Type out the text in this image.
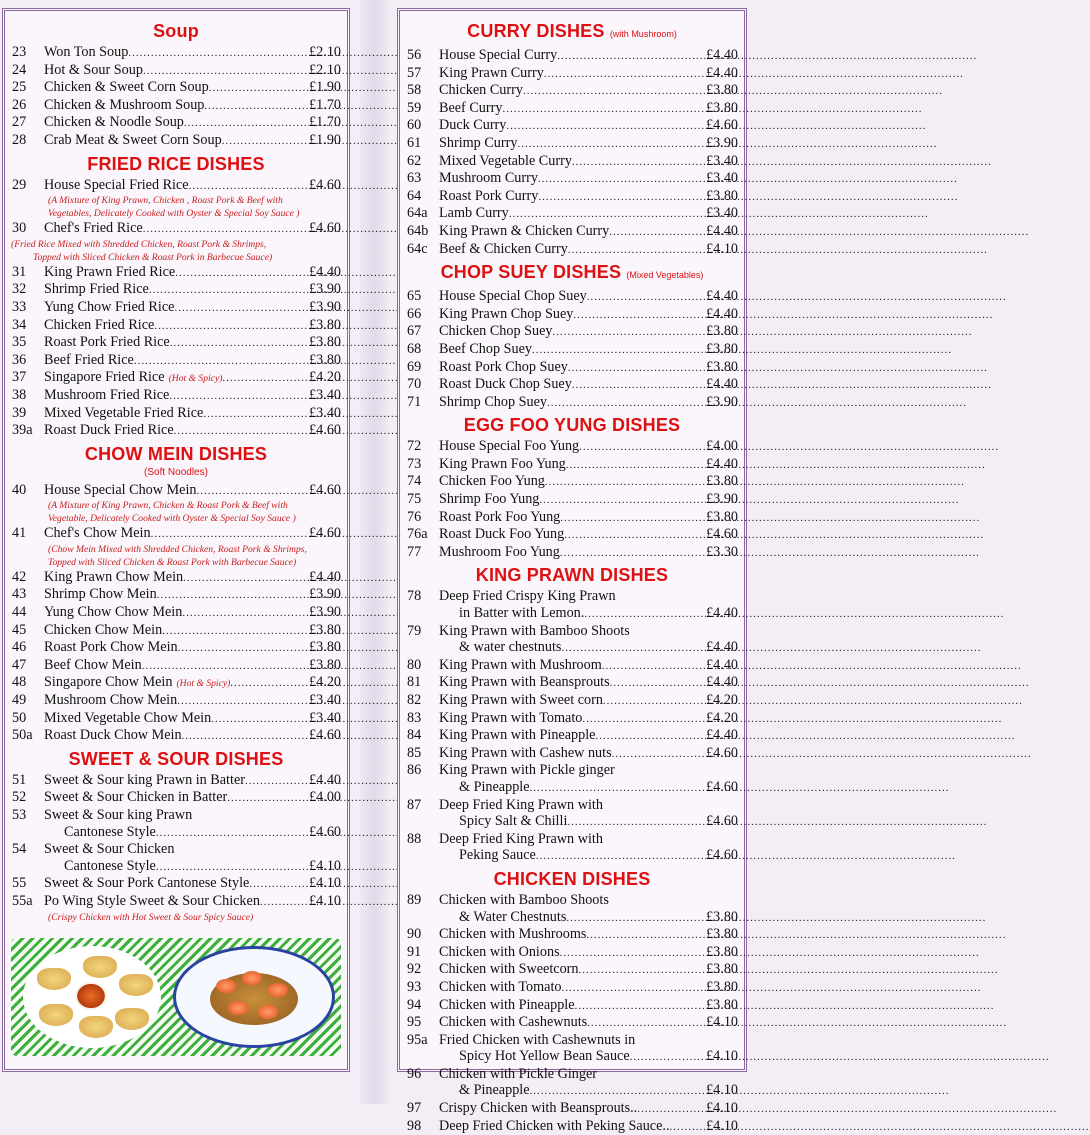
Soup
23	Won Ton Soup .....	£2.10
24	Hot & Sour Soup .....	£2.10
25	Chicken & Sweet Corn Soup .....	£1.90
26	Chicken & Mushroom Soup .....	£1.70
27	Chicken & Noodle Soup .....	£1.70
28	Crab Meat & Sweet Corn Soup .....	£1.90
FRIED RICE DISHES
29	House Special Fried Rice .....	£4.60
(A Mixture of King Prawn, Chicken , Roast Pork & Beef with
Vegetables, Delicately Cooked with Oyster & Special Soy Sauce )
30	Chef's Fried Rice .....	£4.60
(Fried Rice Mixed with Shredded Chicken, Roast Pork & Shrimps,
Topped with Sliced Chicken & Roast Pork in Barbecue Sauce)
31	King Prawn Fried Rice .....	£4.40
32	Shrimp Fried Rice .....	£3.90
33	Yung Chow Fried Rice .....	£3.90
34	Chicken Fried Rice .....	£3.80
35	Roast Pork Fried Rice .....	£3.80
36	Beef Fried Rice .....	£3.80
37	Singapore Fried Rice (Hot & Spicy) .....	£4.20
38	Mushroom Fried Rice .....	£3.40
39	Mixed Vegetable Fried Rice .....	£3.40
39a Roast Duck Fried Rice .....	£4.60
CHOW MEIN DISHES
(Soft Noodles)
40	House Special Chow Mein .....	£4.60
(A Mixture of King Prawn, Chicken & Roast Pork & Beef with
Vegetable, Delicately Cooked with Oyster & Special Soy Sauce )
41	Chef's Chow Mein .....	£4.60
(Chow Mein Mixed with Shredded Chicken, Roast Pork & Shrimps,
Topped with Sliced Chicken & Roast Pork with Barbecue Sauce)
42	King Prawn Chow Mein .....	£4.40
43	Shrimp Chow Mein .....	£3.90
44	Yung Chow Chow Mein .....	£3.90
45	Chicken Chow Mein .....	£3.80
46	Roast Pork Chow Mein .....	£3.80
47	Beef Chow Mein .....	£3.80
48	Singapore Chow Mein (Hot & Spicy) .....	£4.20
49	Mushroom Chow Mein .....	£3.40
50	Mixed Vegetable Chow Mein .....	£3.40
50a Roast Duck Chow Mein .....	£4.60
SWEET & SOUR DISHES
51	Sweet & Sour king Prawn in Batter .....	£4.40
52	Sweet & Sour Chicken in Batter .....	£4.00
53	Sweet & Sour king Prawn
Cantonese Style .....	£4.60
54	Sweet & Sour Chicken
Cantonese Style .....	£4.10
55	Sweet & Sour Pork Cantonese Style .....	£4.10
55a Po Wing Style Sweet & Sour Chicken .....	£4.10
(Crispy Chicken with Hot Sweet & Sour Spicy Sauce)
CURRY DISHES (with Mushroom)
56	House Special Curry .....	£4.40
57	King Prawn Curry .....	£4.40
58	Chicken Curry .....	£3.80
59	Beef Curry .....	£3.80
60	Duck Curry .....	£4.60
61	Shrimp Curry .....	£3.90
62	Mixed Vegetable Curry .....	£3.40
63	Mushroom Curry .....	£3.40
64	Roast Pork Curry .....	£3.80
64a Lamb Curry .....	£3.40
64b King Prawn & Chicken Curry .....	£4.40
64c Beef & Chicken Curry .....	£4.10
CHOP SUEY DISHES (Mixed Vegetables)
65	House Special Chop Suey .....	£4.40
66	King Prawn Chop Suey .....	£4.40
67	Chicken Chop Suey .....	£3.80
68	Beef Chop Suey .....	£3.80
69	Roast Pork Chop Suey .....	£3.80
70	Roast Duck Chop Suey .....	£4.40
71	Shrimp Chop Suey .....	£3.90
EGG FOO YUNG DISHES
72	House Special Foo Yung .....	£4.00
73	King Prawn Foo Yung .....	£4.40
74	Chicken Foo Yung .....	£3.80
75	Shrimp Foo Yung .....	£3.90
76	Roast Pork Foo Yung .....	£3.80
76a Roast Duck Foo Yung .....	£4.60
77	Mushroom Foo Yung .....	£3.30
KING PRAWN DISHES
78	Deep Fried Crispy King Prawn
in Batter with Lemon. .....	£4.40
79	King Prawn with Bamboo Shoots
& water chestnuts .....	£4.40
80	King Prawn with Mushroom .....	£4.40
81	King Prawn with Beansprouts .....	£4.40
82	King Prawn with Sweet corn .....	£4.20
83	King Prawn with Tomato .....	£4.20
84	King Prawn with Pineapple .....	£4.40
85	King Prawn with Cashew nuts .....	£4.60
86	King Prawn with Pickle ginger
& Pineapple .....	£4.60
87	Deep Fried King Prawn with
Spicy Salt & Chilli .....	£4.60
88	Deep Fried King Prawn with
Peking Sauce .....	£4.60
CHICKEN DISHES
89	Chicken with Bamboo Shoots
& Water Chestnuts .....	£3.80
90	Chicken with Mushrooms .....	£3.80
91	Chicken with Onions .....	£3.80
92	Chicken with Sweetcorn .....	£3.80
93	Chicken with Tomato .....	£3.80
94	Chicken with Pineapple .....	£3.80
95	Chicken with Cashewnuts .....	£4.10
95a Fried Chicken with Cashewnuts in
Spicy Hot Yellow Bean Sauce .....	£4.10
96	Chicken with Pickle Ginger
& Pineapple .....	£4.10
97	Crispy Chicken with Beansprouts.. .....	£4.10
98	Deep Fried Chicken with Peking Sauce.. .....	£4.10
